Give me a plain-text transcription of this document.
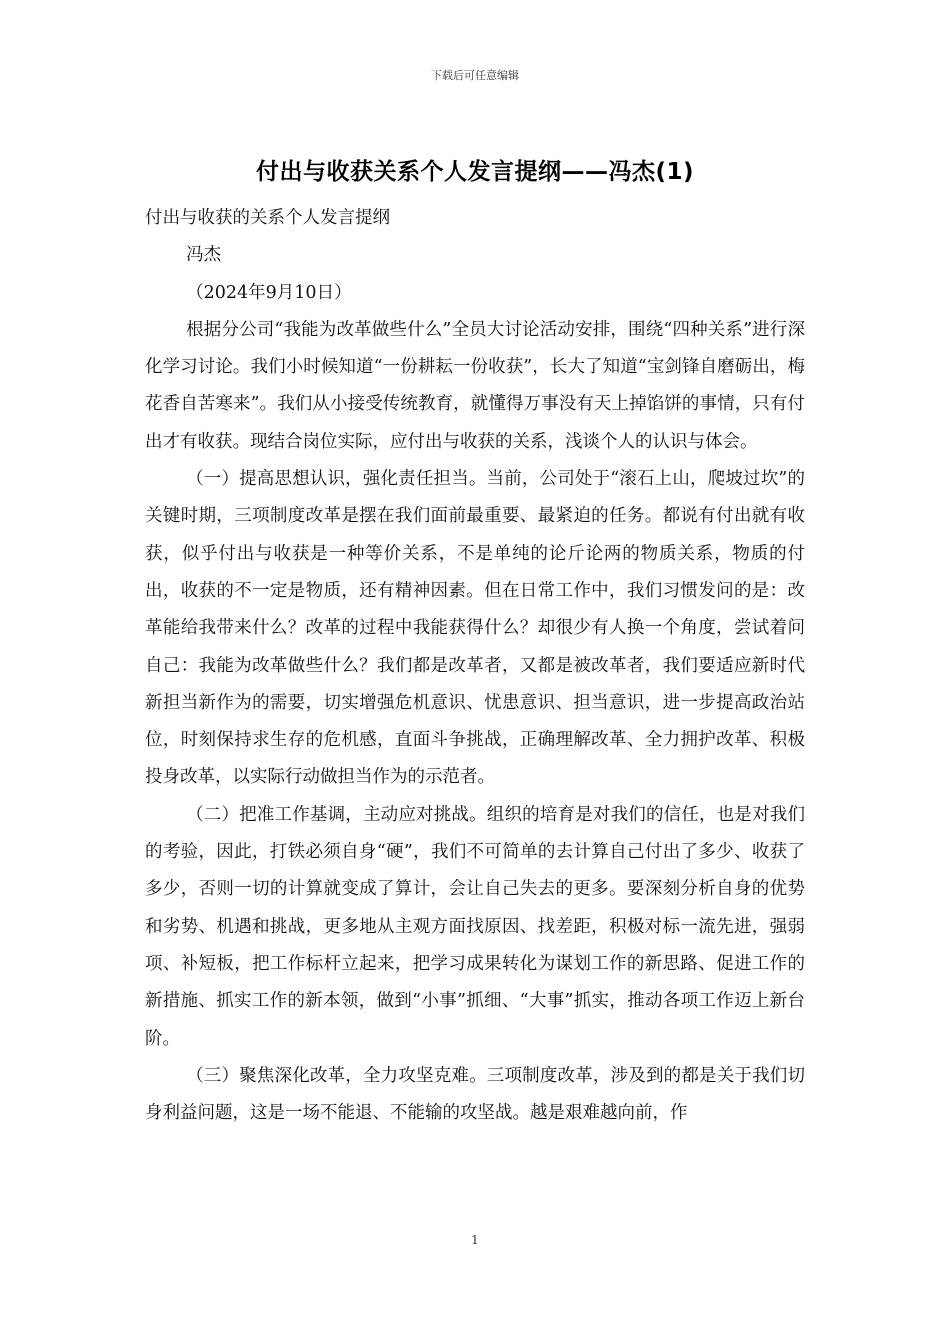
下载后可任意编辑
付出与收获关系个人发言提纲——冯杰(1)

付出与收获的关系个人发言提纲

冯杰

（2024年9月10日）

根据分公司“我能为改革做些什么”全员大讨论活动安排，围绕“四种关系”进行深化学习讨论。我们小时候知道“一份耕耘一份收获”，长大了知道“宝剑锋自磨砺出，梅花香自苦寒来”。我们从小接受传统教育，就懂得万事没有天上掉馅饼的事情，只有付出才有收获。现结合岗位实际，应付出与收获的关系，浅谈个人的认识与体会。

（一）提高思想认识，强化责任担当。当前，公司处于“滚石上山，爬坡过坎”的关键时期，三项制度改革是摆在我们面前最重要、最紧迫的任务。都说有付出就有收获，似乎付出与收获是一种等价关系，不是单纯的论斤论两的物质关系，物质的付出，收获的不一定是物质，还有精神因素。但在日常工作中，我们习惯发问的是：改革能给我带来什么？改革的过程中我能获得什么？却很少有人换一个角度，尝试着问自己：我能为改革做些什么？我们都是改革者，又都是被改革者，我们要适应新时代新担当新作为的需要，切实增强危机意识、忧患意识、担当意识，进一步提高政治站位，时刻保持求生存的危机感，直面斗争挑战，正确理解改革、全力拥护改革、积极投身改革，以实际行动做担当作为的示范者。

（二）把准工作基调，主动应对挑战。组织的培育是对我们的信任，也是对我们的考验，因此，打铁必须自身“硬”，我们不可简单的去计算自己付出了多少、收获了多少，否则一切的计算就变成了算计，会让自己失去的更多。要深刻分析自身的优势和劣势、机遇和挑战，更多地从主观方面找原因、找差距，积极对标一流先进，强弱项、补短板，把工作标杆立起来，把学习成果转化为谋划工作的新思路、促进工作的新措施、抓实工作的新本领，做到“小事”抓细、“大事”抓实，推动各项工作迈上新台阶。

（三）聚焦深化改革，全力攻坚克难。三项制度改革，涉及到的都是关于我们切身利益问题，这是一场不能退、不能输的攻坚战。越是艰难越向前，作

1
